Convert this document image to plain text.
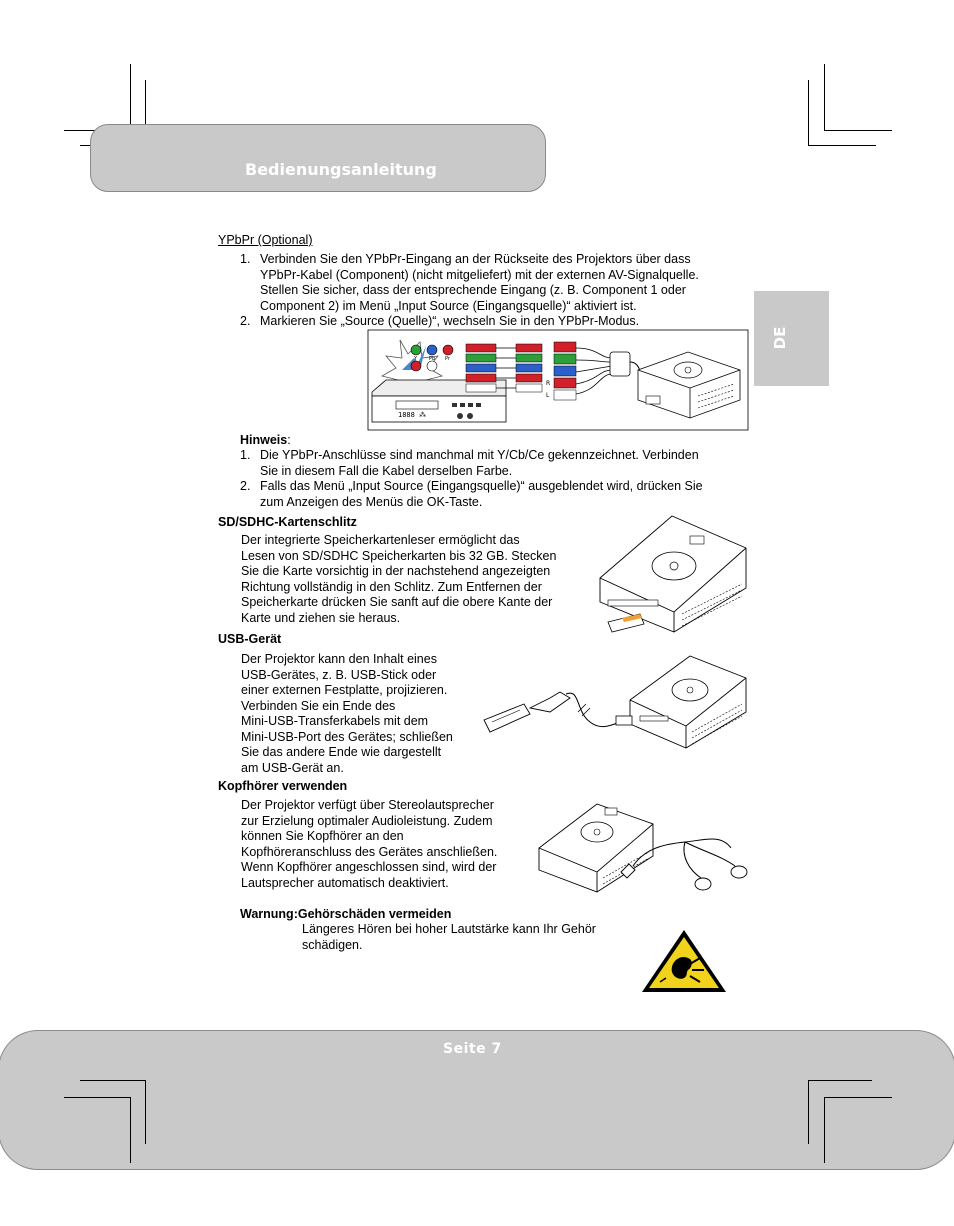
Bedienungsanleitung
DE
YPbPr (Optional)
1. Verbinden Sie den YPbPr-Eingang an der Rückseite des Projektors über dass
YPbPr-Kabel (Component) (nicht mitgeliefert) mit der externen AV-Signalquelle.
Stellen Sie sicher, dass der entsprechende Eingang (z. B. Component 1 oder
Component 2) im Menü „Input Source (Eingangsquelle)“ aktiviert ist.
2. Markieren Sie „Source (Quelle)“, wechseln Sie in den YPbPr-Modus.
Y Pb Pr
1888 ⁂
R
L
Hinweis:
1. Die YPbPr-Anschlüsse sind manchmal mit Y/Cb/Ce gekennzeichnet. Verbinden
Sie in diesem Fall die Kabel derselben Farbe.
2. Falls das Menü „Input Source (Eingangsquelle)“ ausgeblendet wird, drücken Sie
zum Anzeigen des Menüs die OK-Taste.
SD/SDHC-Kartenschlitz
Der integrierte Speicherkartenleser ermöglicht das
Lesen von SD/SDHC Speicherkarten bis 32 GB. Stecken
Sie die Karte vorsichtig in der nachstehend angezeigten
Richtung vollständig in den Schlitz. Zum Entfernen der
Speicherkarte drücken Sie sanft auf die obere Kante der
Karte und ziehen sie heraus.
USB-Gerät
Der Projektor kann den Inhalt eines
USB-Gerätes, z. B. USB-Stick oder
einer externen Festplatte, projizieren.
Verbinden Sie ein Ende des
Mini-USB-Transferkabels mit dem
Mini-USB-Port des Gerätes; schließen
Sie das andere Ende wie dargestellt
am USB-Gerät an.
Kopfhörer verwenden
Der Projektor verfügt über Stereolautsprecher
zur Erzielung optimaler Audioleistung. Zudem
können Sie Kopfhörer an den
Kopfhöreranschluss des Gerätes anschließen.
Wenn Kopfhörer angeschlossen sind, wird der
Lautsprecher automatisch deaktiviert.
Warnung:Gehörschäden vermeiden
Längeres Hören bei hoher Lautstärke kann Ihr Gehör
schädigen.
Seite 7
